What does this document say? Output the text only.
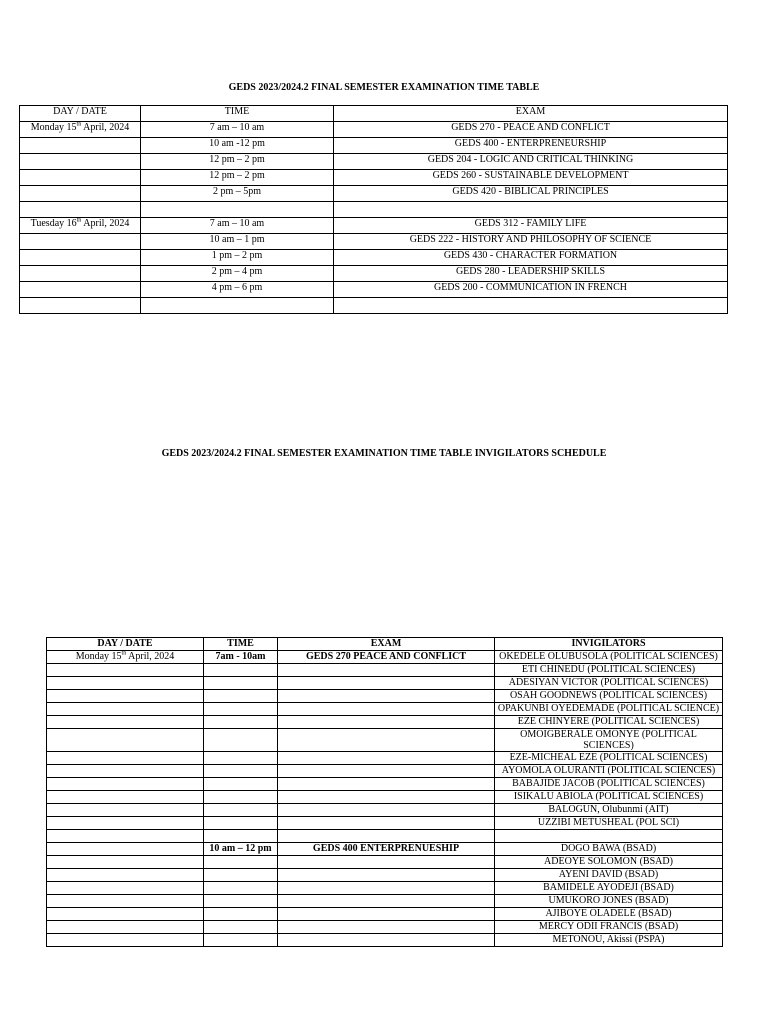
GEDS 2023/2024.2 FINAL SEMESTER EXAMINATION TIME TABLE
DAY / DATE	TIME	EXAM
Monday 15th April, 2024	7 am – 10 am	GEDS 270 - PEACE AND CONFLICT
	10 am -12 pm	GEDS 400 - ENTERPRENEURSHIP
	12 pm – 2 pm	GEDS 204 - LOGIC AND CRITICAL THINKING
	12 pm – 2 pm	GEDS 260 - SUSTAINABLE DEVELOPMENT
	2 pm – 5pm	GEDS 420 - BIBLICAL PRINCIPLES

Tuesday 16th April, 2024	7 am – 10 am	GEDS 312 - FAMILY LIFE
	10 am – 1 pm	GEDS 222 - HISTORY AND PHILOSOPHY OF SCIENCE
	1 pm – 2 pm	GEDS 430 - CHARACTER FORMATION
	2 pm – 4 pm	GEDS 280 - LEADERSHIP SKILLS
	4 pm – 6 pm	GEDS 200 - COMMUNICATION IN FRENCH

GEDS 2023/2024.2 FINAL SEMESTER EXAMINATION TIME TABLE INVIGILATORS SCHEDULE
DAY / DATE	TIME	EXAM	INVIGILATORS
Monday 15th April, 2024	7am - 10am	GEDS 270 PEACE AND CONFLICT	OKEDELE OLUBUSOLA (POLITICAL SCIENCES)
			ETI CHINEDU (POLITICAL SCIENCES)
			ADESIYAN VICTOR (POLITICAL SCIENCES)
			OSAH GOODNEWS (POLITICAL SCIENCES)
			OPAKUNBI OYEDEMADE (POLITICAL SCIENCE)
			EZE CHINYERE (POLITICAL SCIENCES)
			OMOIGBERALE OMONYE (POLITICAL SCIENCES)
			EZE-MICHEAL EZE (POLITICAL SCIENCES)
			AYOMOLA OLURANTI (POLITICAL SCIENCES)
			BABAJIDE JACOB (POLITICAL SCIENCES)
			ISIKALU ABIOLA (POLITICAL SCIENCES)
			BALOGUN, Olubunmi (AIT)
			UZZIBI METUSHEAL (POL SCI)

	10 am – 12 pm	GEDS 400 ENTERPRENUESHIP	DOGO BAWA (BSAD)
			ADEOYE SOLOMON (BSAD)
			AYENI DAVID (BSAD)
			BAMIDELE AYODEJI (BSAD)
			UMUKORO JONES (BSAD)
			AJIBOYE OLADELE (BSAD)
			MERCY ODII FRANCIS (BSAD)
			METONOU, Akissi (PSPA)
